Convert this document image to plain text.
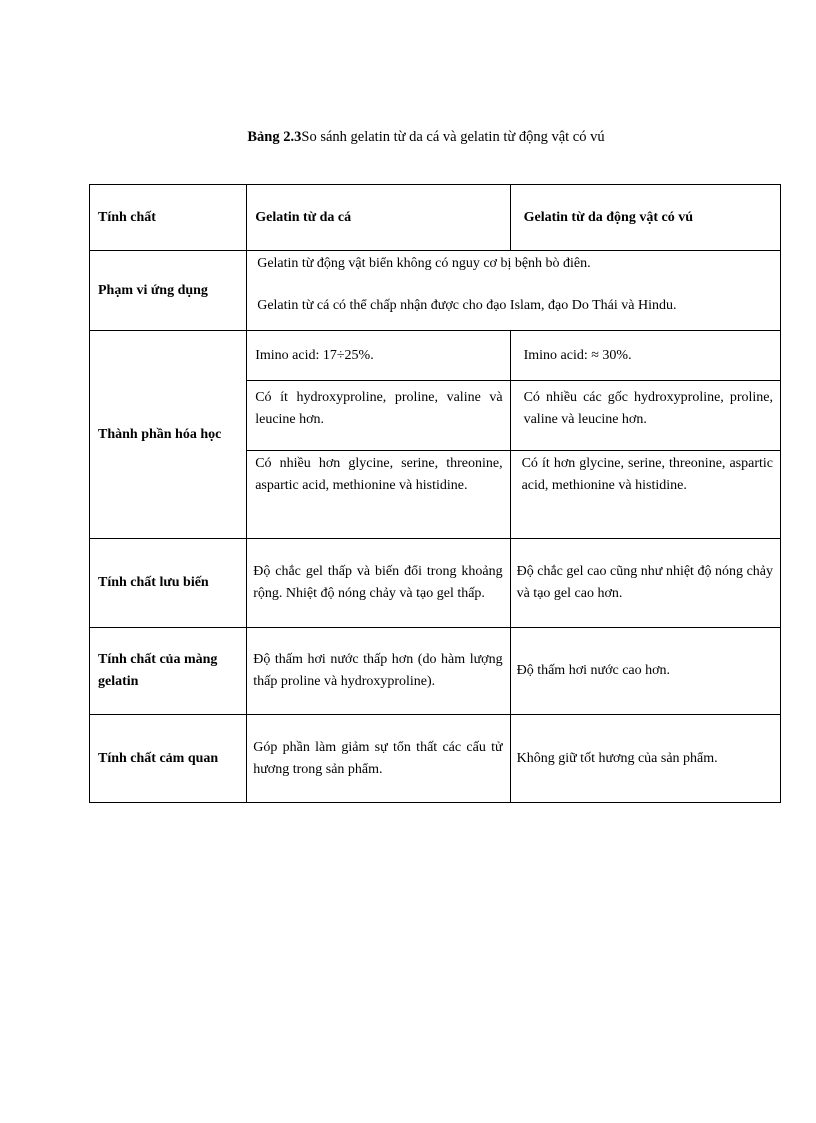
Bảng 2.3So sánh gelatin từ da cá và gelatin từ động vật có vú
Tính chất	Gelatin từ da cá	Gelatin từ da động vật có vú
Phạm vi ứng dụng	Gelatin từ động vật biển không có nguy cơ bị bệnh bò điên.
Gelatin từ cá có thể chấp nhận được cho đạo Islam, đạo Do Thái và Hindu.	

Thành phần hóa học	Imino acid: 17÷25%.	Imino acid: ≈ 30%.
	Có ít hydroxyproline, proline, valine và leucine hơn.	Có nhiều các gốc hydroxyproline, proline, valine và leucine hơn.
	Có nhiều hơn glycine, serine, threonine, aspartic acid, methionine và histidine.	Có ít hơn glycine, serine, threonine, aspartic acid, methionine và histidine.
Tính chất lưu biến	Độ chắc gel thấp và biến đổi trong khoảng rộng. Nhiệt độ nóng chảy và tạo gel thấp.	Độ chắc gel cao cũng như nhiệt độ nóng chảy và tạo gel cao hơn.
Tính chất của màng gelatin	Độ thấm hơi nước thấp hơn (do hàm lượng thấp proline và hydroxyproline).	Độ thấm hơi nước cao hơn.
Tính chất cảm quan	Góp phần làm giảm sự tổn thất các cấu tử hương trong sản phẩm.	Không giữ tốt hương của sản phẩm.
